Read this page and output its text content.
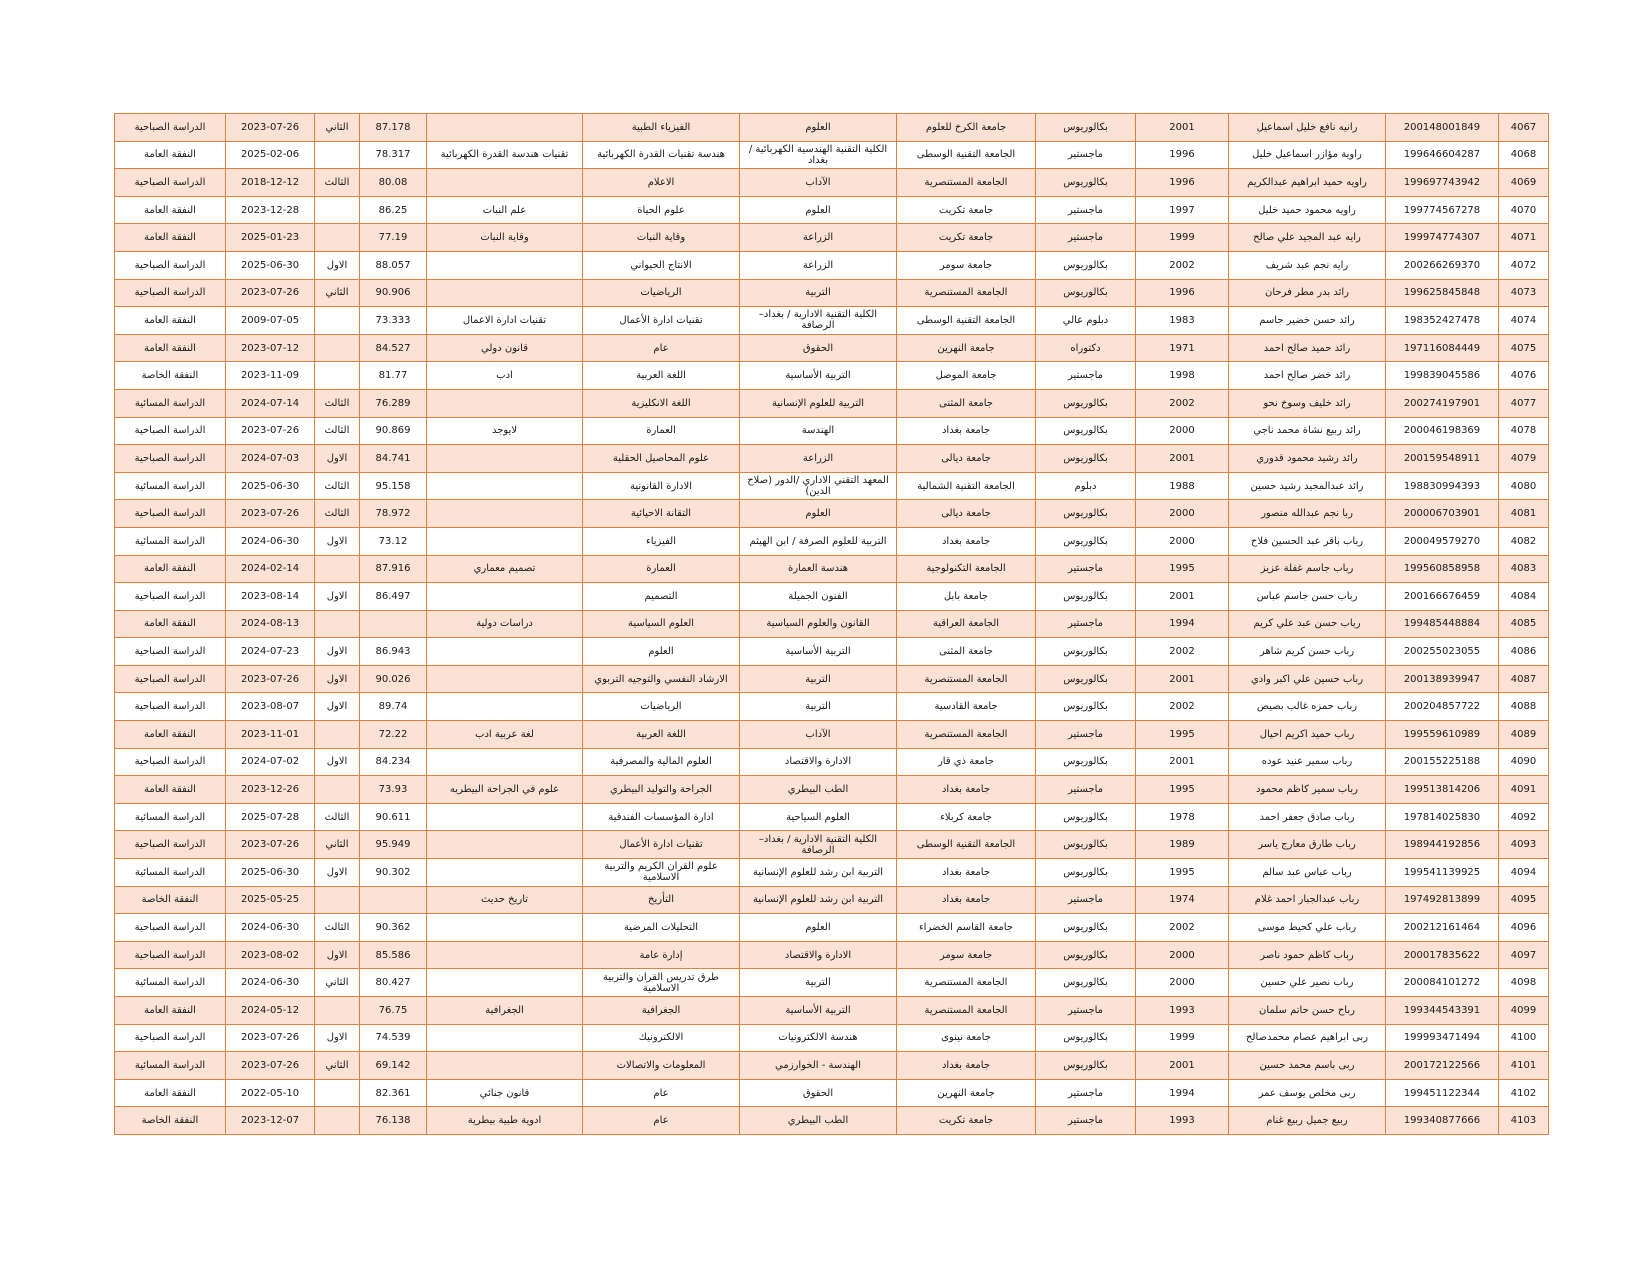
4067	200148001849	رانيه نافع خليل اسماعيل	2001	بكالوريوس	جامعة الكرخ للعلوم	العلوم	الفيزياء الطبية		87.178	الثاني	2023-07-26	الدراسة الصباحية
4068	199646604287	راوية مؤازر اسماعيل خليل	1996	ماجستير	الجامعة التقنية الوسطى	الكلية التقنية الهندسية الكهربائية / بغداد	هندسة تقنيات القدرة الكهربائية	تقنيات هندسة القدرة الكهربائية	78.317		2025-02-06	النفقة العامة
4069	199697743942	راويه حميد ابراهيم عبدالكريم	1996	بكالوريوس	الجامعة المستنصرية	الآداب	الاعلام		80.08	الثالث	2018-12-12	الدراسة الصباحية
4070	199774567278	راويه محمود حميد خليل	1997	ماجستير	جامعة تكريت	العلوم	علوم الحياة	علم النبات	86.25		2023-12-28	النفقة العامة
4071	199974774307	رايه عبد المجيد علي صالح	1999	ماجستير	جامعة تكريت	الزراعة	وقاية النبات	وقاية النبات	77.19		2025-01-23	النفقة العامة
4072	200266269370	رايه نجم عبد شريف	2002	بكالوريوس	جامعة سومر	الزراعة	الانتاج الحيواني		88.057	الاول	2025-06-30	الدراسة الصباحية
4073	199625845848	رائد بدر مطر فرحان	1996	بكالوريوس	الجامعة المستنصرية	التربية	الرياضيات		90.906	الثاني	2023-07-26	الدراسة الصباحية
4074	198352427478	رائد حسن خضير جاسم	1983	دبلوم عالي	الجامعة التقنية الوسطى	الكلية التقنية الادارية / بغداد– الرصافة	تقنيات ادارة الأعمال	تقنيات ادارة الاعمال	73.333		2009-07-05	النفقة العامة
4075	197116084449	رائد حميد صالح احمد	1971	دكتوراه	جامعة النهرين	الحقوق	عام	قانون دولي	84.527		2023-07-12	النفقة العامة
4076	199839045586	رائد خضر صالح احمد	1998	ماجستير	جامعة الموصل	التربية الأساسية	اللغة العربية	ادب	81.77		2023-11-09	النفقة الخاصة
4077	200274197901	رائد خليف وسوخ نحو	2002	بكالوريوس	جامعة المثنى	التربية للعلوم الإنسانية	اللغة الانكليزية		76.289	الثالث	2024-07-14	الدراسة المسائية
4078	200046198369	رائد ربيع نشاة محمد ناجي	2000	بكالوريوس	جامعة بغداد	الهندسة	العمارة	لايوجد	90.869	الثالث	2023-07-26	الدراسة الصباحية
4079	200159548911	رائد رشيد محمود قدوري	2001	بكالوريوس	جامعة ديالى	الزراعة	علوم المحاصيل الحقلية		84.741	الاول	2024-07-03	الدراسة الصباحية
4080	198830994393	رائد عبدالمجيد رشيد حسين	1988	دبلوم	الجامعة التقنية الشمالية	المعهد التقني الاداري /الدور (صلاح الدين)	الادارة القانونية		95.158	الثالث	2025-06-30	الدراسة المسائية
4081	200006703901	ربا نجم عبدالله منصور	2000	بكالوريوس	جامعة ديالى	العلوم	التقانة الاحيائية		78.972	الثالث	2023-07-26	الدراسة الصباحية
4082	200049579270	رباب باقر عبد الحسين فلاح	2000	بكالوريوس	جامعة بغداد	التربية للعلوم الصرفة / ابن الهيثم	الفيزياء		73.12	الاول	2024-06-30	الدراسة المسائية
4083	199560858958	رباب جاسم غفلة عزيز	1995	ماجستير	الجامعة التكنولوجية	هندسة العمارة	العمارة	تصميم معماري	87.916		2024-02-14	النفقة العامة
4084	200166676459	رباب حسن جاسم عباس	2001	بكالوريوس	جامعة بابل	الفنون الجميلة	التصميم		86.497	الاول	2023-08-14	الدراسة الصباحية
4085	199485448884	رباب حسن عبد علي كريم	1994	ماجستير	الجامعة العراقية	القانون والعلوم السياسية	العلوم السياسية	دراسات دولية			2024-08-13	النفقة العامة
4086	200255023055	رباب حسن كريم شاهر	2002	بكالوريوس	جامعة المثنى	التربية الأساسية	العلوم		86.943	الاول	2024-07-23	الدراسة الصباحية
4087	200138939947	رباب حسين علي اكبر وادي	2001	بكالوريوس	الجامعة المستنصرية	التربية	الارشاد النفسي والتوجيه التربوي		90.026	الاول	2023-07-26	الدراسة الصباحية
4088	200204857722	رباب حمزه غالب بصيص	2002	بكالوريوس	جامعة القادسية	التربية	الرياضيات		89.74	الاول	2023-08-07	الدراسة الصباحية
4089	199559610989	رباب حميد اكريم احيال	1995	ماجستير	الجامعة المستنصرية	الآداب	اللغة العربية	لغة عربية ادب	72.22		2023-11-01	النفقة العامة
4090	200155225188	رباب سمير عنيد عوده	2001	بكالوريوس	جامعة ذي قار	الادارة والاقتصاد	العلوم المالية والمصرفية		84.234	الاول	2024-07-02	الدراسة الصباحية
4091	199513814206	رباب سمير كاظم محمود	1995	ماجستير	جامعة بغداد	الطب البيطري	الجراحة والتوليد البيطري	علوم في الجراحة البيطريه	73.93		2023-12-26	النفقة العامة
4092	197814025830	رباب صادق جعفر احمد	1978	بكالوريوس	جامعة كربلاء	العلوم السياحية	ادارة المؤسسات الفندقية		90.611	الثالث	2025-07-28	الدراسة المسائية
4093	198944192856	رباب طارق معارج ياسر	1989	بكالوريوس	الجامعة التقنية الوسطى	الكلية التقنية الادارية / بغداد– الرصافة	تقنيات ادارة الأعمال		95.949	الثاني	2023-07-26	الدراسة الصباحية
4094	199541139925	رباب عباس عبد سالم	1995	بكالوريوس	جامعة بغداد	التربية ابن رشد للعلوم الإنسانية	علوم القران الكريم والتربية الاسلامية		90.302	الاول	2025-06-30	الدراسة المسائية
4095	197492813899	رباب عبدالجبار احمد غلام	1974	ماجستير	جامعة بغداد	التربية ابن رشد للعلوم الإنسانية	التأريخ	تاريخ حديث			2025-05-25	النفقة الخاصة
4096	200212161464	رباب علي كحيط موسى	2002	بكالوريوس	جامعة القاسم الخضراء	العلوم	التحليلات المرضية		90.362	الثالث	2024-06-30	الدراسة الصباحية
4097	200017835622	رباب كاظم حمود ناصر	2000	بكالوريوس	جامعة سومر	الادارة والاقتصاد	إدارة عامة		85.586	الاول	2023-08-02	الدراسة الصباحية
4098	200084101272	رباب نصير علي حسين	2000	بكالوريوس	الجامعة المستنصرية	التربية	طرق تدريس القران والتربية الاسلامية		80.427	الثاني	2024-06-30	الدراسة المسائية
4099	199344543391	رباح حسن حاتم سلمان	1993	ماجستير	الجامعة المستنصرية	التربية الأساسية	الجغرافية	الجغرافية	76.75		2024-05-12	النفقة العامة
4100	199993471494	ربى ابراهيم عصام محمدصالح	1999	بكالوريوس	جامعة نينوى	هندسة الالكترونيات	الالكترونيك		74.539	الاول	2023-07-26	الدراسة الصباحية
4101	200172122566	ربى باسم محمد حسين	2001	بكالوريوس	جامعة بغداد	الهندسة - الخوارزمي	المعلومات والاتصالات		69.142	الثاني	2023-07-26	الدراسة المسائية
4102	199451122344	ربى مخلص يوسف عمر	1994	ماجستير	جامعة النهرين	الحقوق	عام	قانون جنائي	82.361		2022-05-10	النفقة العامة
4103	199340877666	ربيع جميل ربيع غنام	1993	ماجستير	جامعة تكريت	الطب البيطري	عام	ادوية طبية بيطرية	76.138		2023-12-07	النفقة الخاصة
